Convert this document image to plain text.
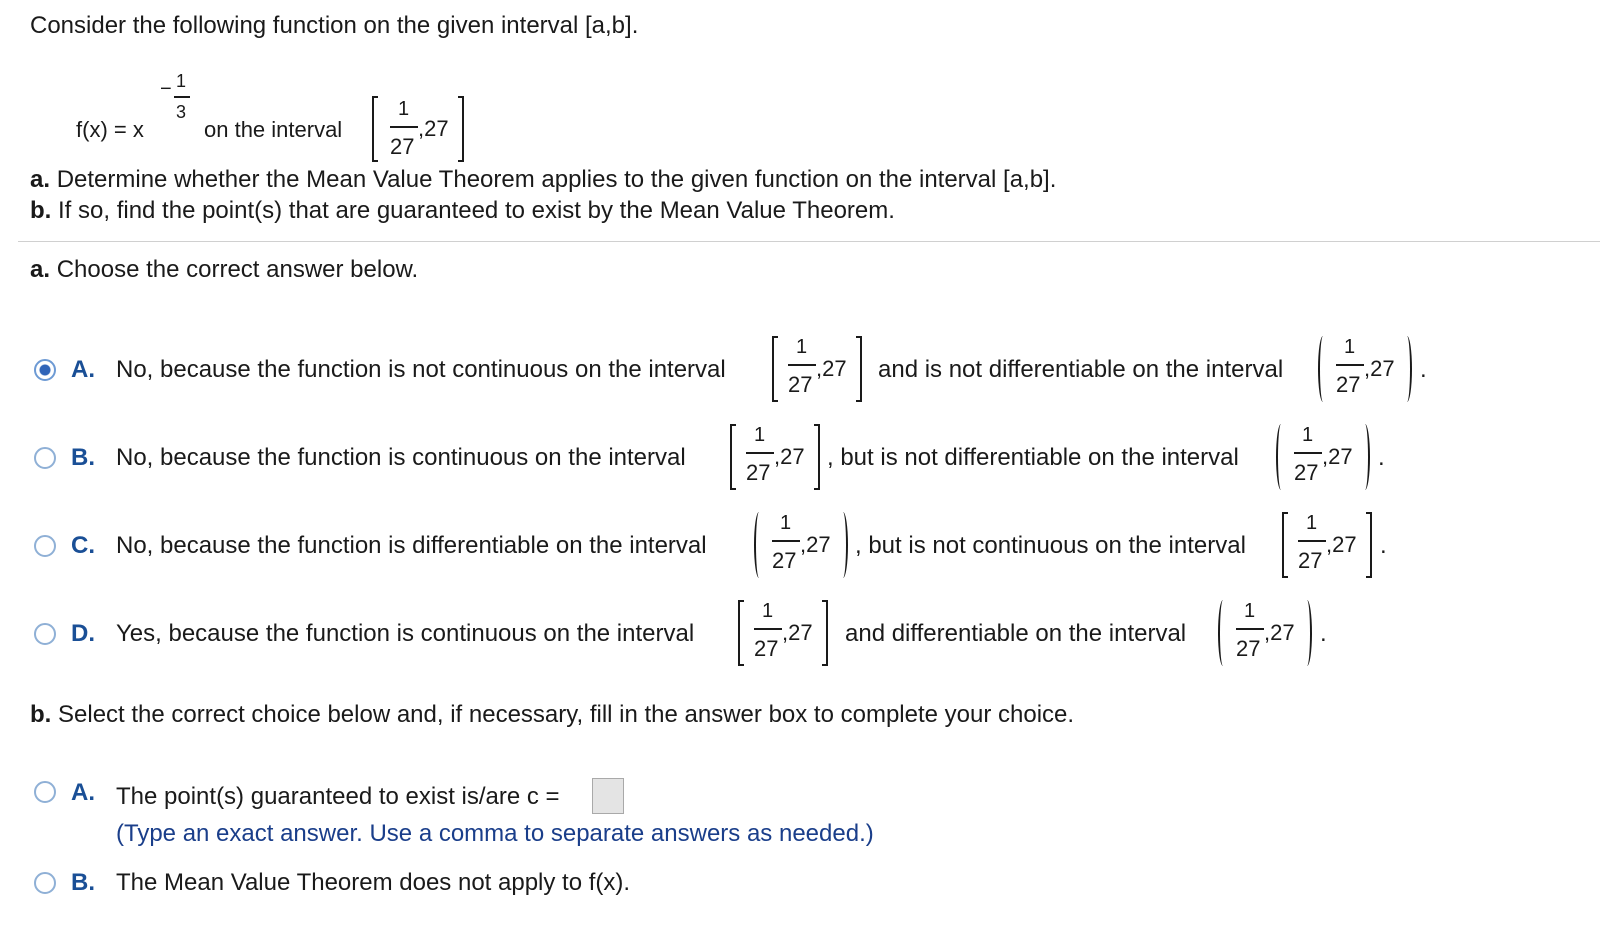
Consider the following function on the given interval [a,b].
f(x) = x
− 1
3
on the interval
1
27
,27
a. Determine whether the Mean Value Theorem applies to the given function on the interval [a,b].
b. If so, find the point(s) that are guaranteed to exist by the Mean Value Theorem.
a. Choose the correct answer below.
A. No, because the function is not continuous on the interval
1
27
,27 and is not differentiable on the interval
1
27
,27 .
B. No, because the function is continuous on the interval
1
27
,27 , but is not differentiable on the interval
1
27
,27 .
C. No, because the function is differentiable on the interval
1
27
,27 , but is not continuous on the interval
1
27
,27 .
D. Yes, because the function is continuous on the interval
1
27
,27 and differentiable on the interval
1
27
,27 .
b. Select the correct choice below and, if necessary, fill in the answer box to complete your choice.
A. The point(s) guaranteed to exist is/are c =
(Type an exact answer. Use a comma to separate answers as needed.)
B. The Mean Value Theorem does not apply to f(x).
